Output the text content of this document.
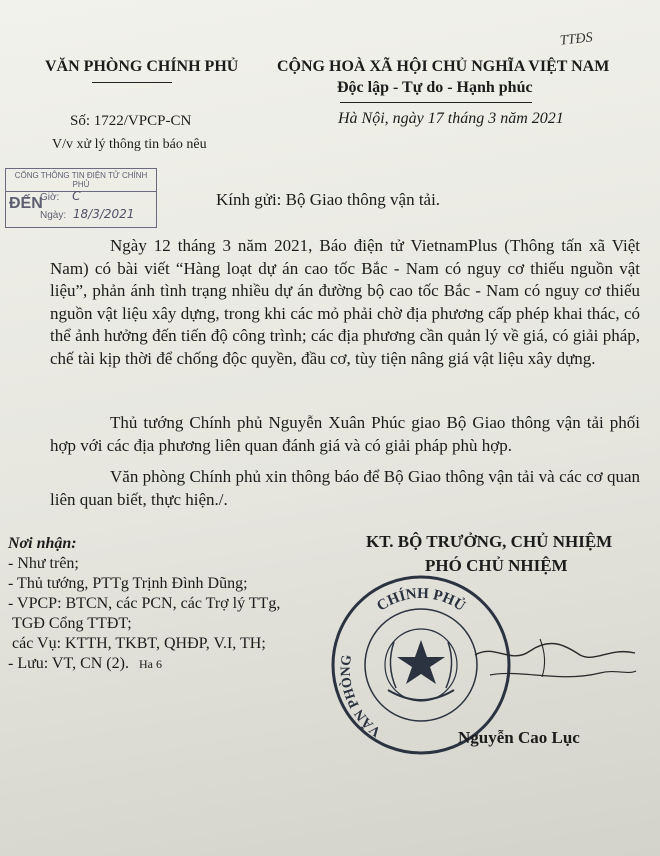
VĂN PHÒNG CHÍNH PHỦ CỘNG HOÀ XÃ HỘI CHỦ NGHĨA VIỆT NAM
Độc lập - Tự do - Hạnh phúc
TTĐS
Số: 1722/VPCP-CN
V/v xử lý thông tin báo nêu
Hà Nội, ngày 17 tháng 3 năm 2021
CỔNG THÔNG TIN ĐIỆN TỬ CHÍNH PHỦ
ĐẾN
Giờ: C
Ngày: 18/3/2021
Kính gửi: Bộ Giao thông vận tải.
Ngày 12 tháng 3 năm 2021, Báo điện tử VietnamPlus (Thông tấn xã Việt Nam) có bài viết “Hàng loạt dự án cao tốc Bắc - Nam có nguy cơ thiếu nguồn vật liệu”, phản ánh tình trạng nhiều dự án đường bộ cao tốc Bắc - Nam có nguy cơ thiếu nguồn vật liệu xây dựng, trong khi các mỏ phải chờ địa phương cấp phép khai thác, có thể ảnh hưởng đến tiến độ công trình; các địa phương cần quản lý về giá, có giải pháp, chế tài kịp thời để chống độc quyền, đầu cơ, tùy tiện nâng giá vật liệu xây dựng.
Thủ tướng Chính phủ Nguyễn Xuân Phúc giao Bộ Giao thông vận tải phối hợp với các địa phương liên quan đánh giá và có giải pháp phù hợp.
Văn phòng Chính phủ xin thông báo để Bộ Giao thông vận tải và các cơ quan liên quan biết, thực hiện./.
Nơi nhận:
- Như trên;
- Thủ tướng, PTTg Trịnh Đình Dũng;
- VPCP: BTCN, các PCN, các Trợ lý TTg,
TGĐ Cổng TTĐT;
các Vụ: KTTH, TKBT, QHĐP, V.I, TH;
- Lưu: VT, CN (2). Ha 6
KT. BỘ TRƯỞNG, CHỦ NHIỆM
PHÓ CHỦ NHIỆM
CHÍNH PHỦ
VĂN PHÒNG
Nguyễn Cao Lục
